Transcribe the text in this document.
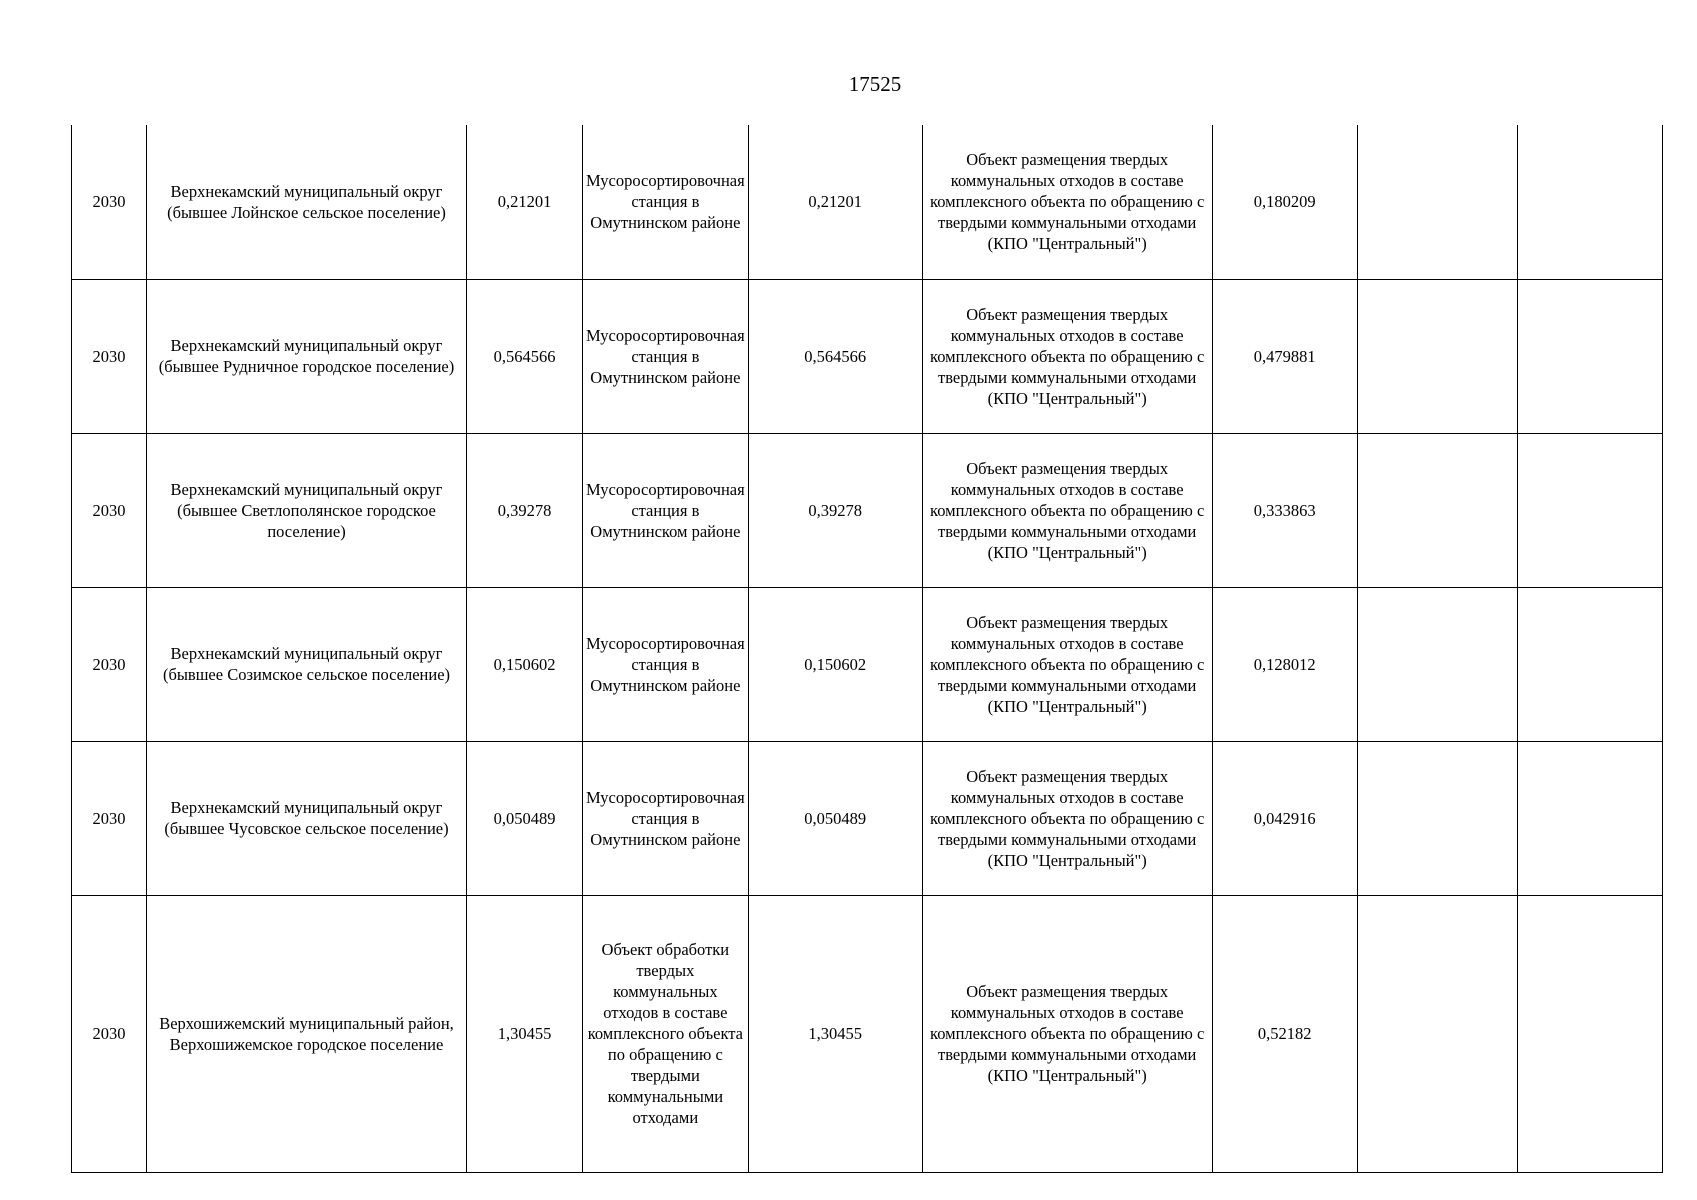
17525
2030	Верхнекамский муниципальный округ (бывшее Лойнское сельское поселение)	0,21201	Мусоросортировочная станция в Омутнинском районе	0,21201	Объект размещения твердых коммунальных отходов в составе комплексного объекта по обращению с твердыми коммунальными отходами (КПО "Центральный")	0,180209		
2030	Верхнекамский муниципальный округ (бывшее Рудничное городское поселение)	0,564566	Мусоросортировочная станция в Омутнинском районе	0,564566	Объект размещения твердых коммунальных отходов в составе комплексного объекта по обращению с твердыми коммунальными отходами (КПО "Центральный")	0,479881		
2030	Верхнекамский муниципальный округ (бывшее Светлополянское городское поселение)	0,39278	Мусоросортировочная станция в Омутнинском районе	0,39278	Объект размещения твердых коммунальных отходов в составе комплексного объекта по обращению с твердыми коммунальными отходами (КПО "Центральный")	0,333863		
2030	Верхнекамский муниципальный округ (бывшее Созимское сельское поселение)	0,150602	Мусоросортировочная станция в Омутнинском районе	0,150602	Объект размещения твердых коммунальных отходов в составе комплексного объекта по обращению с твердыми коммунальными отходами (КПО "Центральный")	0,128012		
2030	Верхнекамский муниципальный округ (бывшее Чусовское сельское поселение)	0,050489	Мусоросортировочная станция в Омутнинском районе	0,050489	Объект размещения твердых коммунальных отходов в составе комплексного объекта по обращению с твердыми коммунальными отходами (КПО "Центральный")	0,042916		
2030	Верхошижемский муниципальный район, Верхошижемское городское поселение	1,30455	Объект обработки твердых коммунальных отходов в составе комплексного объекта по обращению с твердыми коммунальными отходами	1,30455	Объект размещения твердых коммунальных отходов в составе комплексного объекта по обращению с твердыми коммунальными отходами (КПО "Центральный")	0,52182		
